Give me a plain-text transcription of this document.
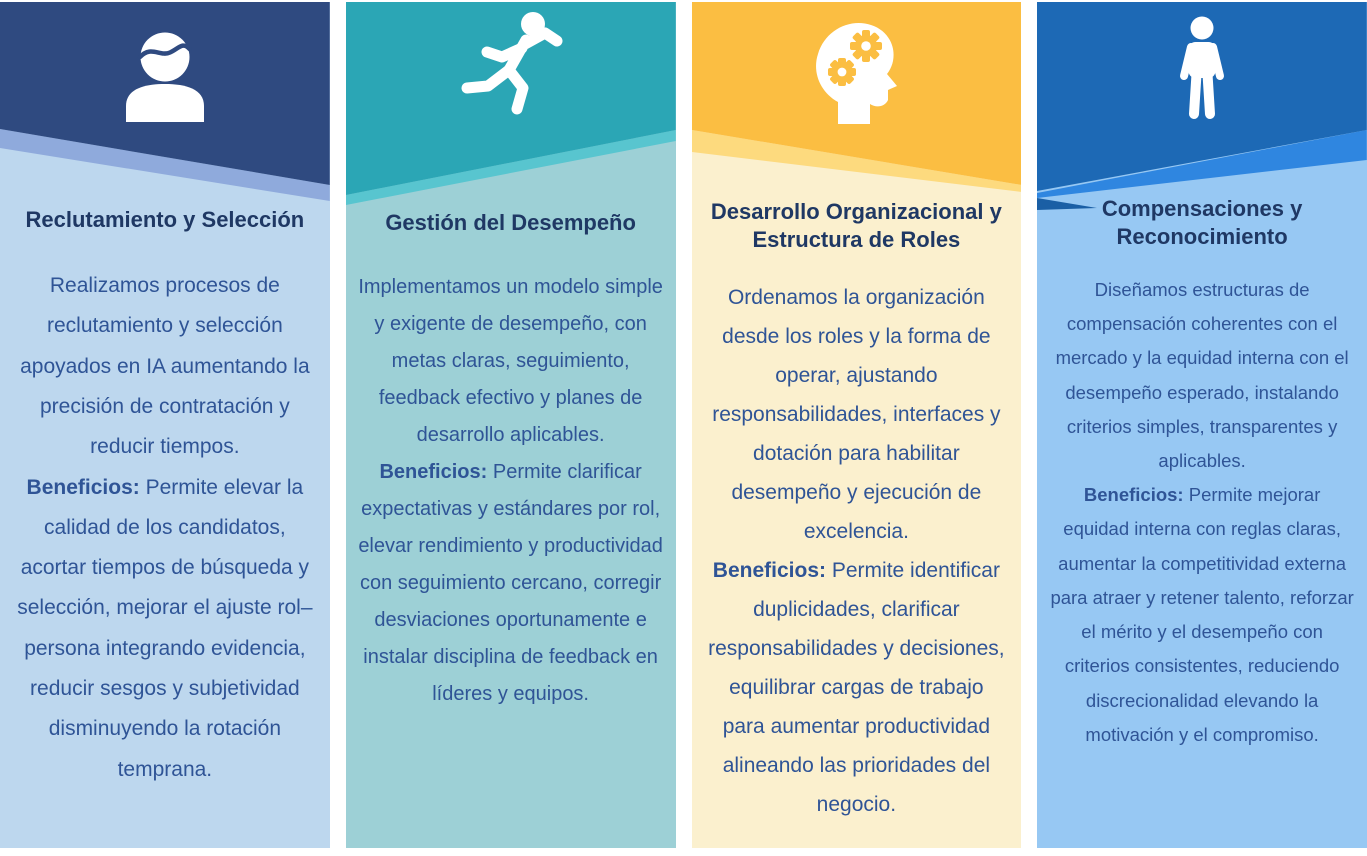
Reclutamiento y Selección

Realizamos procesos de reclutamiento y selección apoyados en IA aumentando la precisión de contratación y reducir tiempos.

Beneficios: Permite elevar la calidad de los candidatos, acortar tiempos de búsqueda y selección, mejorar el ajuste rol–persona integrando evidencia, reducir sesgos y subjetividad disminuyendo la rotación temprana.

Gestión del Desempeño

Implementamos un modelo simple y exigente de desempeño, con metas claras, seguimiento, feedback efectivo y planes de desarrollo aplicables.

Beneficios: Permite clarificar expectativas y estándares por rol, elevar rendimiento y productividad con seguimiento cercano, corregir desviaciones oportunamente e instalar disciplina de feedback en líderes y equipos.

Desarrollo Organizacional y Estructura de Roles

Ordenamos la organización desde los roles y la forma de operar, ajustando responsabilidades, interfaces y dotación para habilitar desempeño y ejecución de excelencia.

Beneficios: Permite identificar duplicidades, clarificar responsabilidades y decisiones, equilibrar cargas de trabajo para aumentar productividad alineando las prioridades del negocio.

Compensaciones y Reconocimiento

Diseñamos estructuras de compensación coherentes con el mercado y la equidad interna con el desempeño esperado, instalando criterios simples, transparentes y aplicables.

Beneficios: Permite mejorar equidad interna con reglas claras, aumentar la competitividad externa para atraer y retener talento, reforzar el mérito y el desempeño con criterios consistentes, reduciendo discrecionalidad elevando la motivación y el compromiso.
